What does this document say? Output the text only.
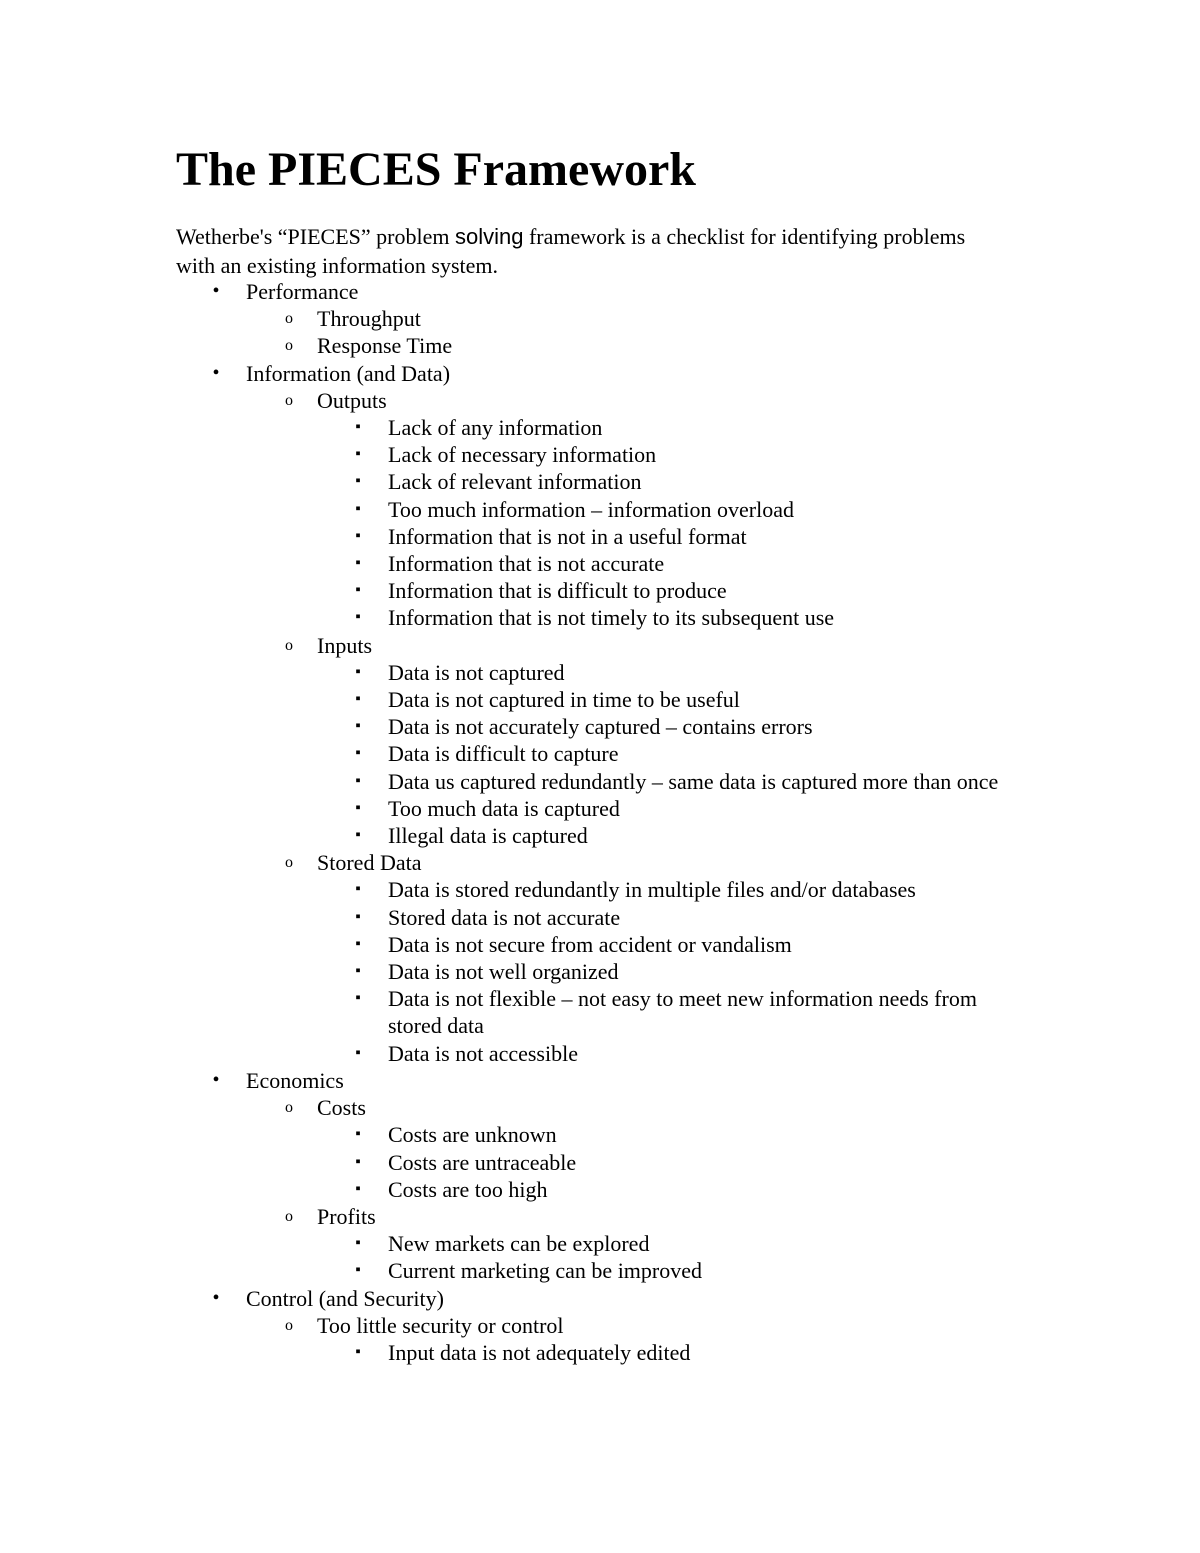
The PIECES Framework

Wetherbe's “PIECES” problem solving framework is a checklist for identifying problems with an existing information system.

• Performance
o Throughput
o Response Time
• Information (and Data)
o Outputs
▪ Lack of any information
▪ Lack of necessary information
▪ Lack of relevant information
▪ Too much information – information overload
▪ Information that is not in a useful format
▪ Information that is not accurate
▪ Information that is difficult to produce
▪ Information that is not timely to its subsequent use
o Inputs
▪ Data is not captured
▪ Data is not captured in time to be useful
▪ Data is not accurately captured – contains errors
▪ Data is difficult to capture
▪ Data us captured redundantly – same data is captured more than once
▪ Too much data is captured
▪ Illegal data is captured
o Stored Data
▪ Data is stored redundantly in multiple files and/or databases
▪ Stored data is not accurate
▪ Data is not secure from accident or vandalism
▪ Data is not well organized
▪ Data is not flexible – not easy to meet new information needs from stored data
▪ Data is not accessible
• Economics
o Costs
▪ Costs are unknown
▪ Costs are untraceable
▪ Costs are too high
o Profits
▪ New markets can be explored
▪ Current marketing can be improved
• Control (and Security)
o Too little security or control
▪ Input data is not adequately edited
